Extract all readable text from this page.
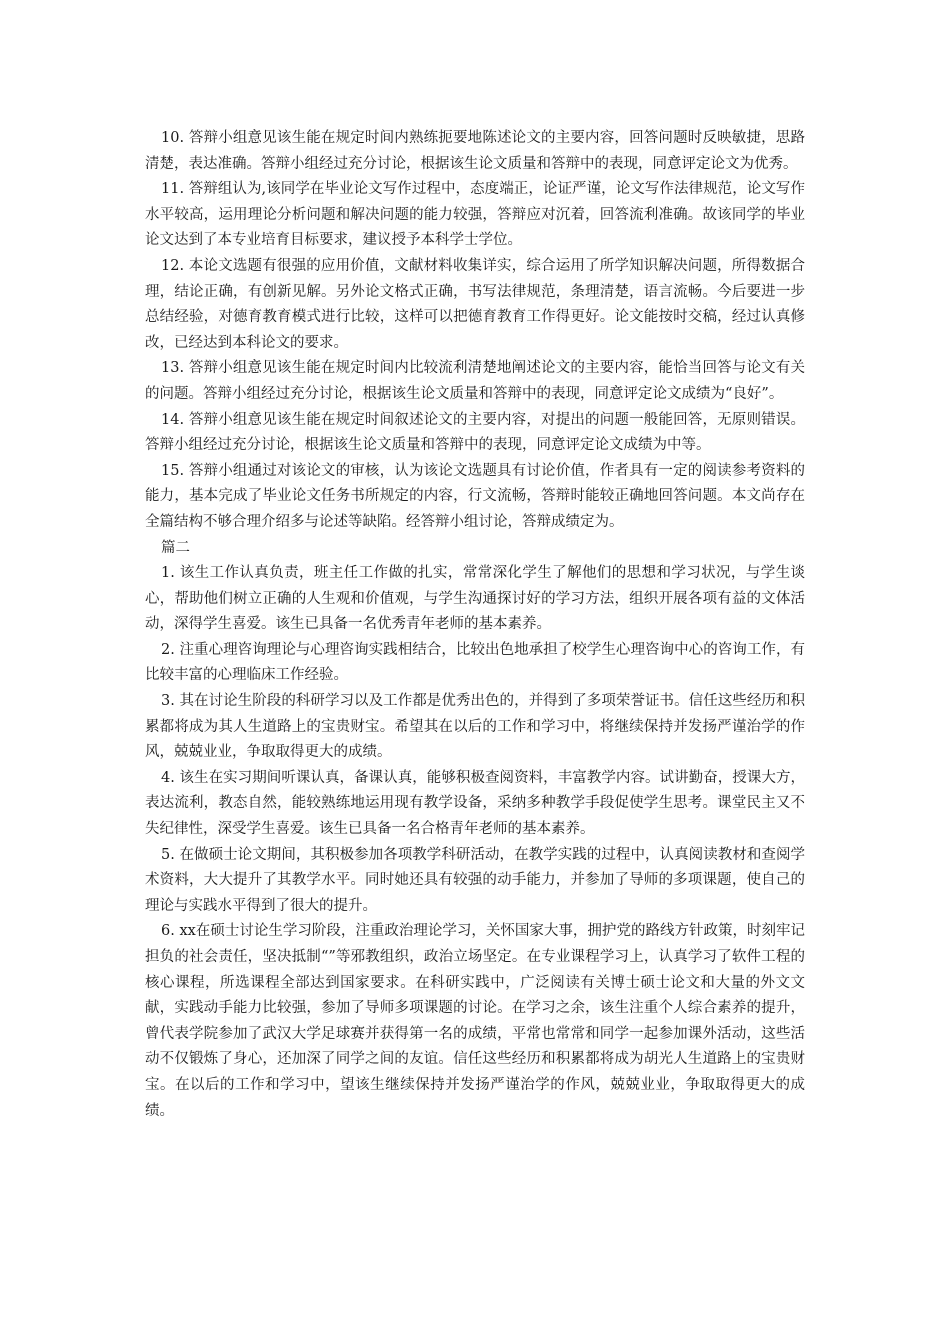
10. 答辩小组意见该生能在规定时间内熟练扼要地陈述论文的主要内容，回答问题时反映敏捷，思路清楚，表达准确。答辩小组经过充分讨论，根据该生论文质量和答辩中的表现，同意评定论文为优秀。

11. 答辩组认为,该同学在毕业论文写作过程中，态度端正，论证严谨，论文写作法律规范，论文写作水平较高，运用理论分析问题和解决问题的能力较强，答辩应对沉着，回答流利准确。故该同学的毕业论文达到了本专业培育目标要求，建议授予本科学士学位。

12. 本论文选题有很强的应用价值，文献材料收集详实，综合运用了所学知识解决问题，所得数据合理，结论正确，有创新见解。另外论文格式正确，书写法律规范，条理清楚，语言流畅。今后要进一步总结经验，对德育教育模式进行比较，这样可以把德育教育工作得更好。论文能按时交稿，经过认真修改，已经达到本科论文的要求。

13. 答辩小组意见该生能在规定时间内比较流利清楚地阐述论文的主要内容，能恰当回答与论文有关的问题。答辩小组经过充分讨论，根据该生论文质量和答辩中的表现，同意评定论文成绩为“良好”。

14. 答辩小组意见该生能在规定时间叙述论文的主要内容，对提出的问题一般能回答，无原则错误。答辩小组经过充分讨论，根据该生论文质量和答辩中的表现，同意评定论文成绩为中等。

15. 答辩小组通过对该论文的审核，认为该论文选题具有讨论价值，作者具有一定的阅读参考资料的能力，基本完成了毕业论文任务书所规定的内容，行文流畅，答辩时能较正确地回答问题。本文尚存在全篇结构不够合理介绍多与论述等缺陷。经答辩小组讨论，答辩成绩定为。

篇二

1. 该生工作认真负责，班主任工作做的扎实，常常深化学生了解他们的思想和学习状况，与学生谈心，帮助他们树立正确的人生观和价值观，与学生沟通探讨好的学习方法，组织开展各项有益的文体活动，深得学生喜爱。该生已具备一名优秀青年老师的基本素养。

2. 注重心理咨询理论与心理咨询实践相结合，比较出色地承担了校学生心理咨询中心的咨询工作，有比较丰富的心理临床工作经验。

3. 其在讨论生阶段的科研学习以及工作都是优秀出色的，并得到了多项荣誉证书。信任这些经历和积累都将成为其人生道路上的宝贵财宝。希望其在以后的工作和学习中，将继续保持并发扬严谨治学的作风，兢兢业业，争取取得更大的成绩。

4. 该生在实习期间听课认真，备课认真，能够积极查阅资料，丰富教学内容。试讲勤奋，授课大方，表达流利，教态自然，能较熟练地运用现有教学设备，采纳多种教学手段促使学生思考。课堂民主又不失纪律性，深受学生喜爱。该生已具备一名合格青年老师的基本素养。

5. 在做硕士论文期间，其积极参加各项教学科研活动，在教学实践的过程中，认真阅读教材和查阅学术资料，大大提升了其教学水平。同时她还具有较强的动手能力，并参加了导师的多项课题，使自己的理论与实践水平得到了很大的提升。

6. xx在硕士讨论生学习阶段，注重政治理论学习，关怀国家大事，拥护党的路线方针政策，时刻牢记担负的社会责任，坚决抵制“”等邪教组织，政治立场坚定。在专业课程学习上，认真学习了软件工程的核心课程，所选课程全部达到国家要求。在科研实践中，广泛阅读有关博士硕士论文和大量的外文文献，实践动手能力比较强，参加了导师多项课题的讨论。在学习之余，该生注重个人综合素养的提升，曾代表学院参加了武汉大学足球赛并获得第一名的成绩，平常也常常和同学一起参加课外活动，这些活动不仅锻炼了身心，还加深了同学之间的友谊。信任这些经历和积累都将成为胡光人生道路上的宝贵财宝。在以后的工作和学习中，望该生继续保持并发扬严谨治学的作风，兢兢业业，争取取得更大的成绩。
